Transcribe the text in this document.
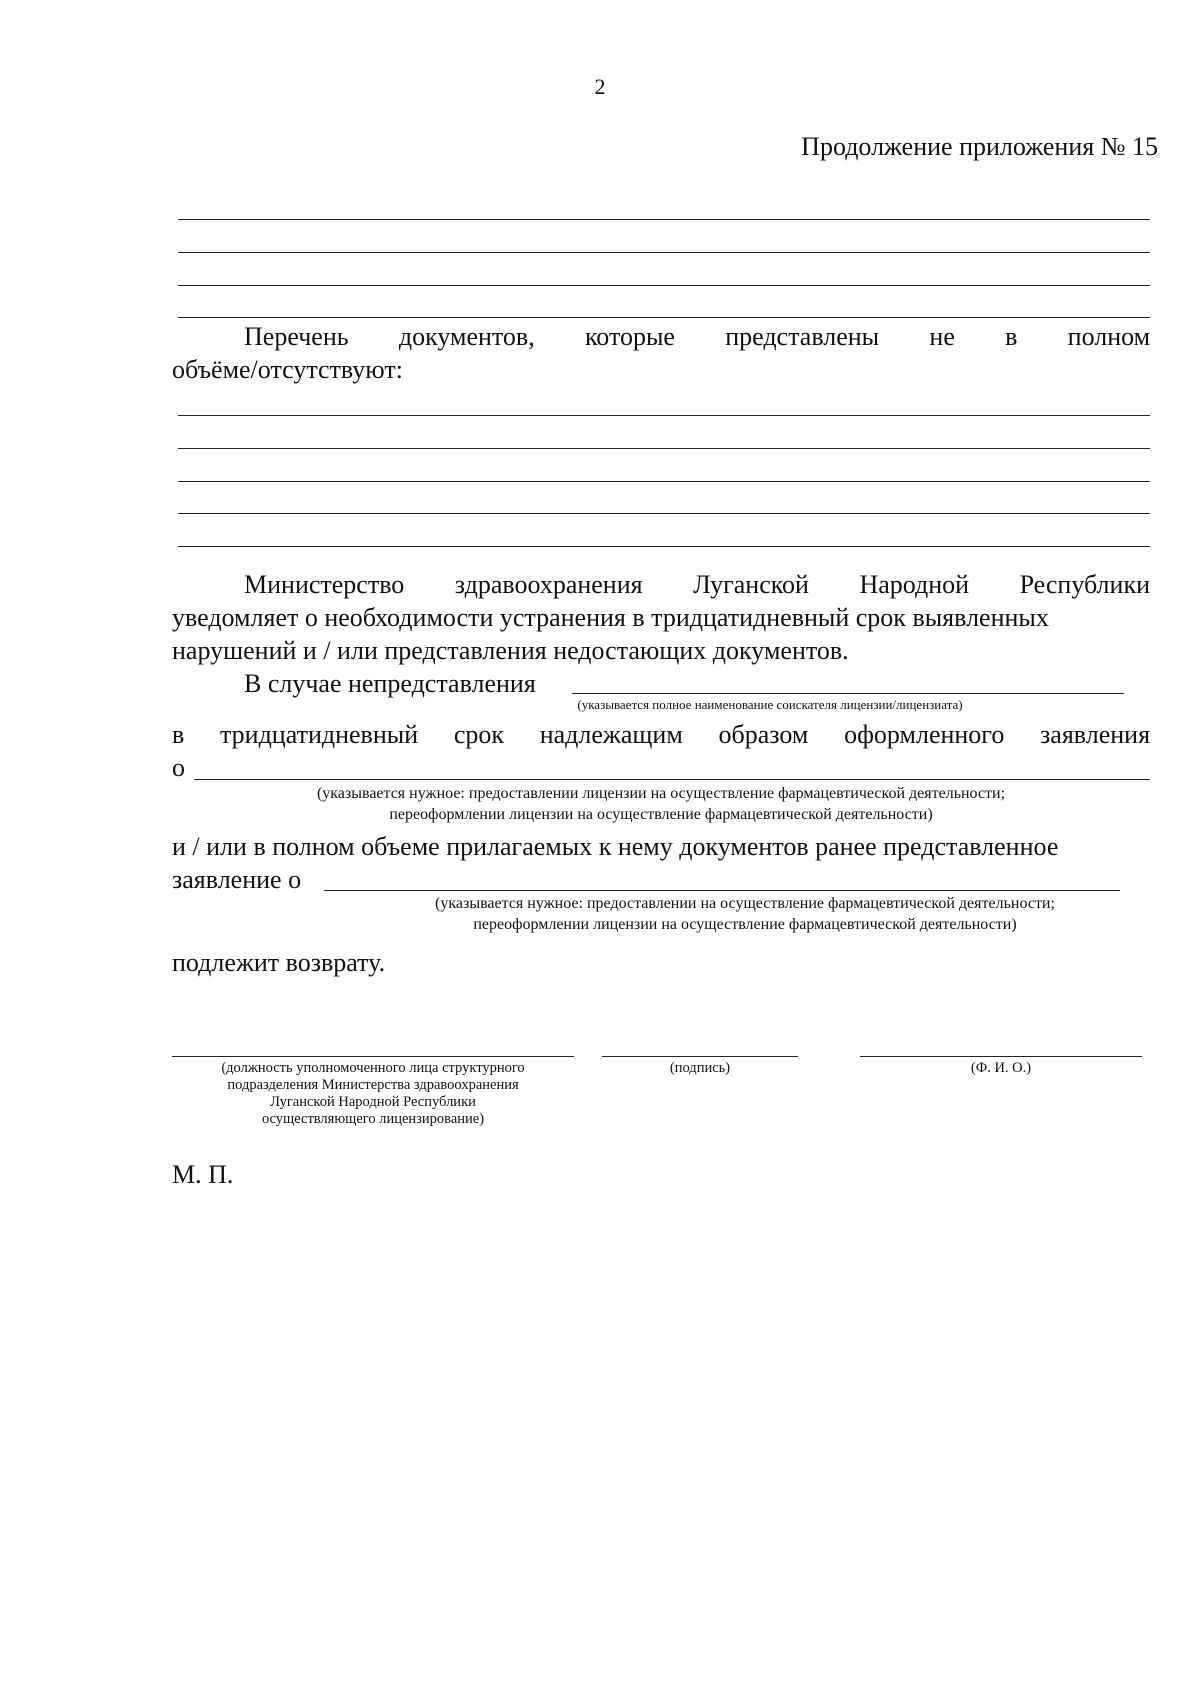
2
Продолжение приложения № 15
Перечень документов, которые представлены не в полном
объёме/отсутствуют:
Министерство здравоохранения Луганской Народной Республики
уведомляет о необходимости устранения в тридцатидневный срок выявленных
нарушений и / или представления недостающих документов.
В случае непредставления
(указывается полное наименование соискателя лицензии/лицензиата)
в тридцатидневный срок надлежащим образом оформленного заявления
о
(указывается нужное: предоставлении лицензии на осуществление фармацевтической деятельности;
переоформлении лицензии на осуществление фармацевтической деятельности)
и / или в полном объеме прилагаемых к нему документов ранее представленное
заявление о
(указывается нужное: предоставлении на осуществление фармацевтической деятельности;
переоформлении лицензии на осуществление фармацевтической деятельности)
подлежит возврату.
(должность уполномоченного лица структурного
подразделения Министерства здравоохранения
Луганской Народной Республики
осуществляющего лицензирование)
(подпись)	(Ф. И. О.)
М. П.
